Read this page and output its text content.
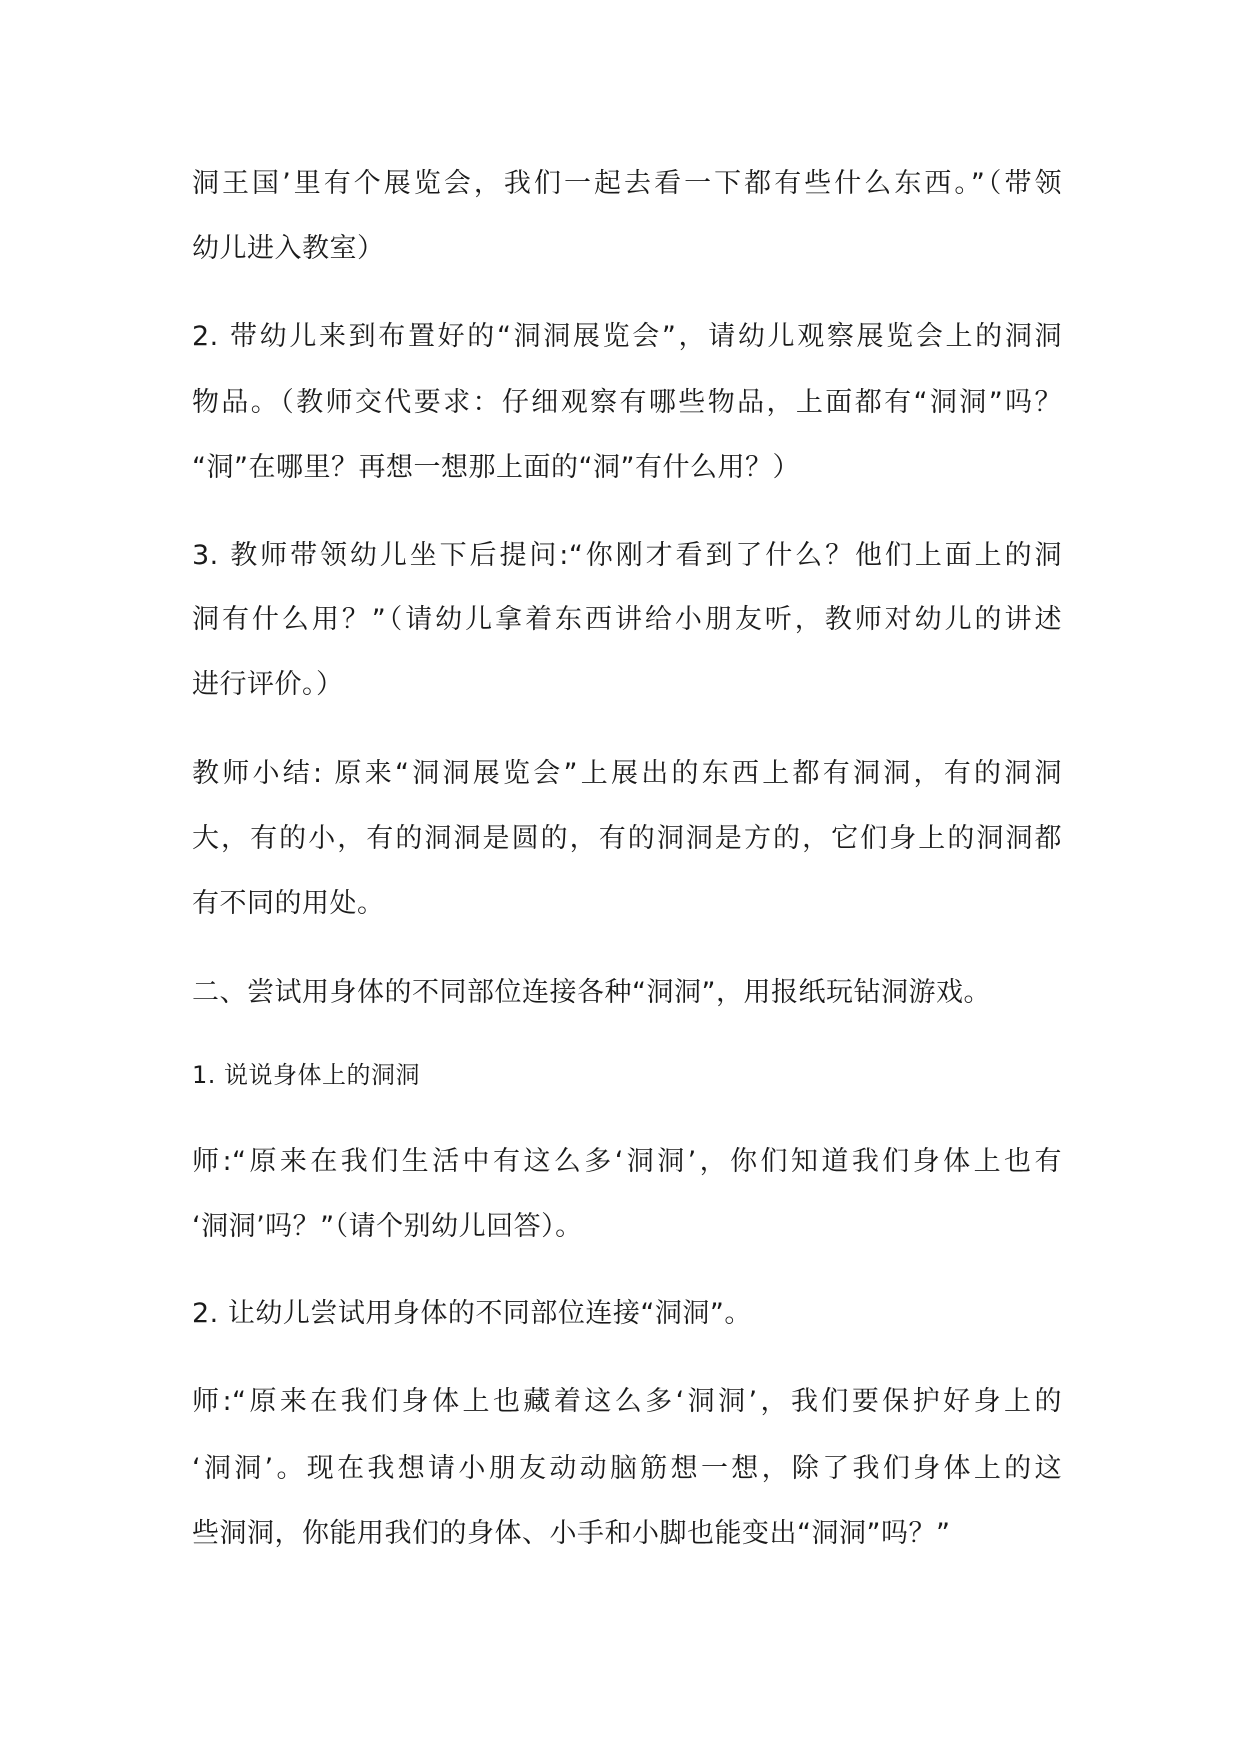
洞王国’里有个展览会，我们一起去看一下都有些什么东西。”（带领
幼儿进入教室）
2. 带幼儿来到布置好的“洞洞展览会”，请幼儿观察展览会上的洞洞
物品。（教师交代要求：仔细观察有哪些物品，上面都有“洞洞”吗？
“洞”在哪里？再想一想那上面的“洞”有什么用？）
3. 教师带领幼儿坐下后提问:“你刚才看到了什么？他们上面上的洞
洞有什么用？”（请幼儿拿着东西讲给小朋友听，教师对幼儿的讲述
进行评价。）
教师小结: 原来“洞洞展览会”上展出的东西上都有洞洞，有的洞洞
大，有的小，有的洞洞是圆的，有的洞洞是方的，它们身上的洞洞都
有不同的用处。
二、尝试用身体的不同部位连接各种“洞洞”，用报纸玩钻洞游戏。
1. 说说身体上的洞洞
师:“原来在我们生活中有这么多‘洞洞’，你们知道我们身体上也有
‘洞洞’吗？”（请个别幼儿回答）。
2. 让幼儿尝试用身体的不同部位连接“洞洞”。
师:“原来在我们身体上也藏着这么多‘洞洞’，我们要保护好身上的
‘洞洞’。现在我想请小朋友动动脑筋想一想，除了我们身体上的这
些洞洞，你能用我们的身体、小手和小脚也能变出“洞洞”吗？”
